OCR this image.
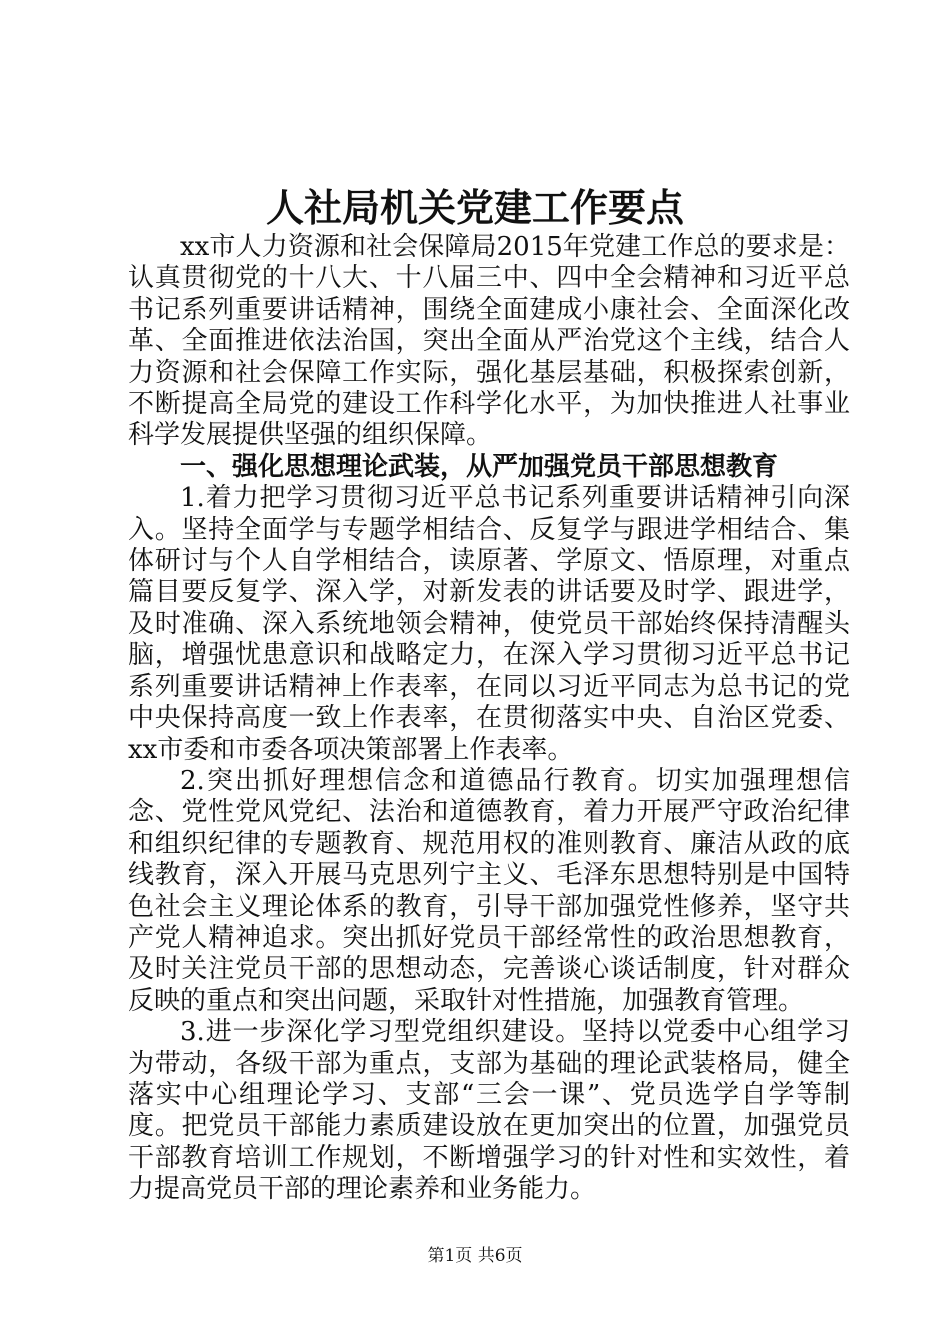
人社局机关党建工作要点

xx市人力资源和社会保障局2015年党建工作总的要求是：认真贯彻党的十八大、十八届三中、四中全会精神和习近平总书记系列重要讲话精神，围绕全面建成小康社会、全面深化改革、全面推进依法治国，突出全面从严治党这个主线，结合人力资源和社会保障工作实际，强化基层基础，积极探索创新，不断提高全局党的建设工作科学化水平，为加快推进人社事业科学发展提供坚强的组织保障。

一、强化思想理论武装，从严加强党员干部思想教育

1.着力把学习贯彻习近平总书记系列重要讲话精神引向深入。坚持全面学与专题学相结合、反复学与跟进学相结合、集体研讨与个人自学相结合，读原著、学原文、悟原理，对重点篇目要反复学、深入学，对新发表的讲话要及时学、跟进学，及时准确、深入系统地领会精神，使党员干部始终保持清醒头脑，增强忧患意识和战略定力，在深入学习贯彻习近平总书记系列重要讲话精神上作表率，在同以习近平同志为总书记的党中央保持高度一致上作表率，在贯彻落实中央、自治区党委、xx市委和市委各项决策部署上作表率。

2.突出抓好理想信念和道德品行教育。切实加强理想信念、党性党风党纪、法治和道德教育，着力开展严守政治纪律和组织纪律的专题教育、规范用权的准则教育、廉洁从政的底线教育，深入开展马克思列宁主义、毛泽东思想特别是中国特色社会主义理论体系的教育，引导干部加强党性修养，坚守共产党人精神追求。突出抓好党员干部经常性的政治思想教育，及时关注党员干部的思想动态，完善谈心谈话制度，针对群众反映的重点和突出问题，采取针对性措施，加强教育管理。

3.进一步深化学习型党组织建设。坚持以党委中心组学习为带动，各级干部为重点，支部为基础的理论武装格局，健全落实中心组理论学习、支部“三会一课”、党员选学自学等制度。把党员干部能力素质建设放在更加突出的位置，加强党员干部教育培训工作规划，不断增强学习的针对性和实效性，着力提高党员干部的理论素养和业务能力。

第1页 共6页
